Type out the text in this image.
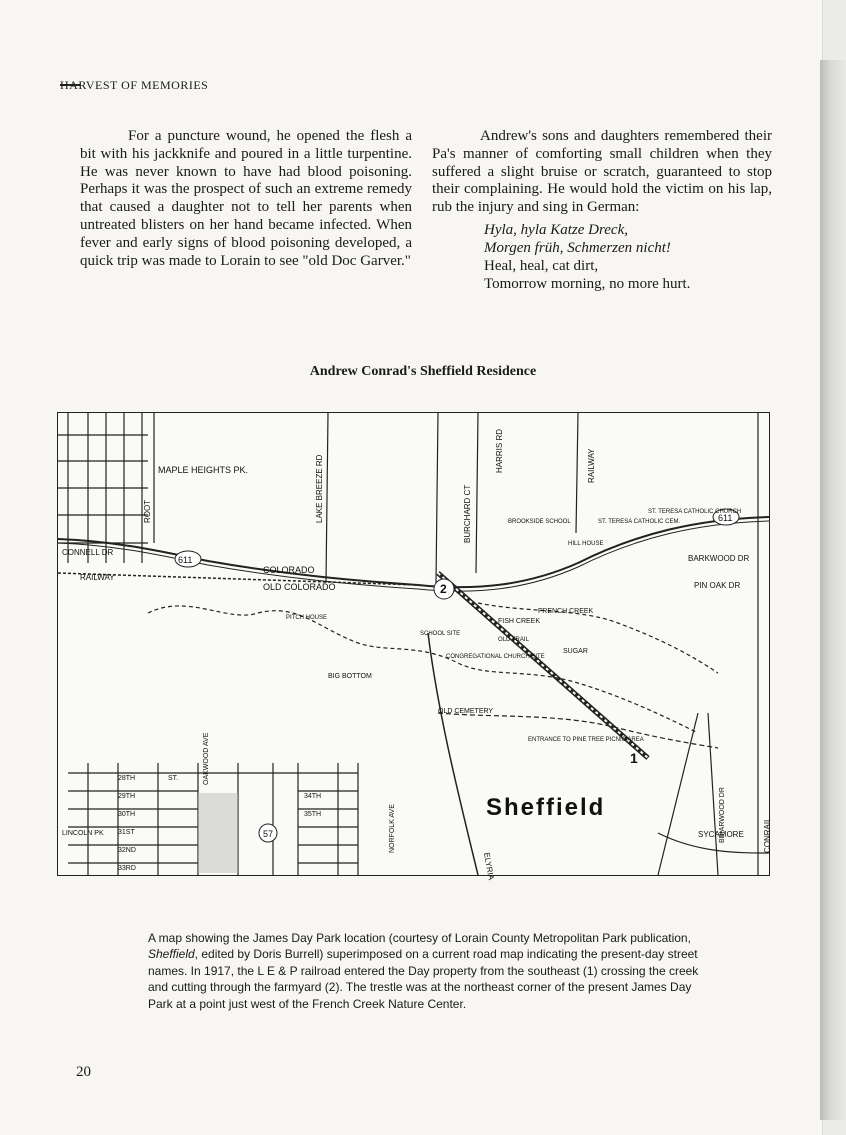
HARVEST OF MEMORIES
For a puncture wound, he opened the flesh a bit with his jackknife and poured in a little turpentine. He was never known to have had blood poisoning. Perhaps it was the prospect of such an extreme remedy that caused a daughter not to tell her parents when untreated blisters on her hand became infected. When fever and early signs of blood poisoning developed, a quick trip was made to Lorain to see "old Doc Garver."

Andrew's sons and daughters remembered their Pa's manner of comforting small children when they suffered a slight bruise or scratch, guaranteed to stop their complaining. He would hold the victim on his lap, rub the injury and sing in German:

Hyla, hyla Katze Dreck,
Morgen früh, Schmerzen nicht!
Heal, heal, cat dirt,
Tomorrow morning, no more hurt.
Andrew Conrad's Sheffield Residence
611
611
57
2
1
COLORADO
OLD COLORADO
RAILWAY
RAILWAY
MAPLE HEIGHTS PK.	LAKE BREEZE RD
HARRIS RD
BURCHARD CT
ROOT
FRENCH CREEK
FISH CREEK
SUGAR
BIG BOTTOM
OLD CEMETERY
ENTRANCE TO PINE TREE PICNIC AREA
BARKWOOD DR
PIN OAK DR
ST. TERESA CATHOLIC CHURCH
ST. TERESA CATHOLIC CEM.
BROOKSIDE SCHOOL
HILL HOUSE
PITCH HOUSE
SCHOOL SITE
CONGREGATIONAL CHURCH SITE
OLD TRAIL
CONNELL DR
ELYRIA
CONRAIL
BRIARWOOD DR
SYCAMORE
OAKWOOD AVE
NORFOLK AVE
LINCOLN PK
28TH
29TH
30TH
31ST
32ND
33RD
34TH
35TH
ST.
Sheffield
A map showing the James Day Park location (courtesy of Lorain County Metropolitan Park publication, Sheffield, edited by Doris Burrell) superimposed on a current road map indicating the present-day street names. In 1917, the L E & P railroad entered the Day property from the southeast (1) crossing the creek and cutting through the farmyard (2). The trestle was at the northeast corner of the present James Day Park at a point just west of the French Creek Nature Center.
20
